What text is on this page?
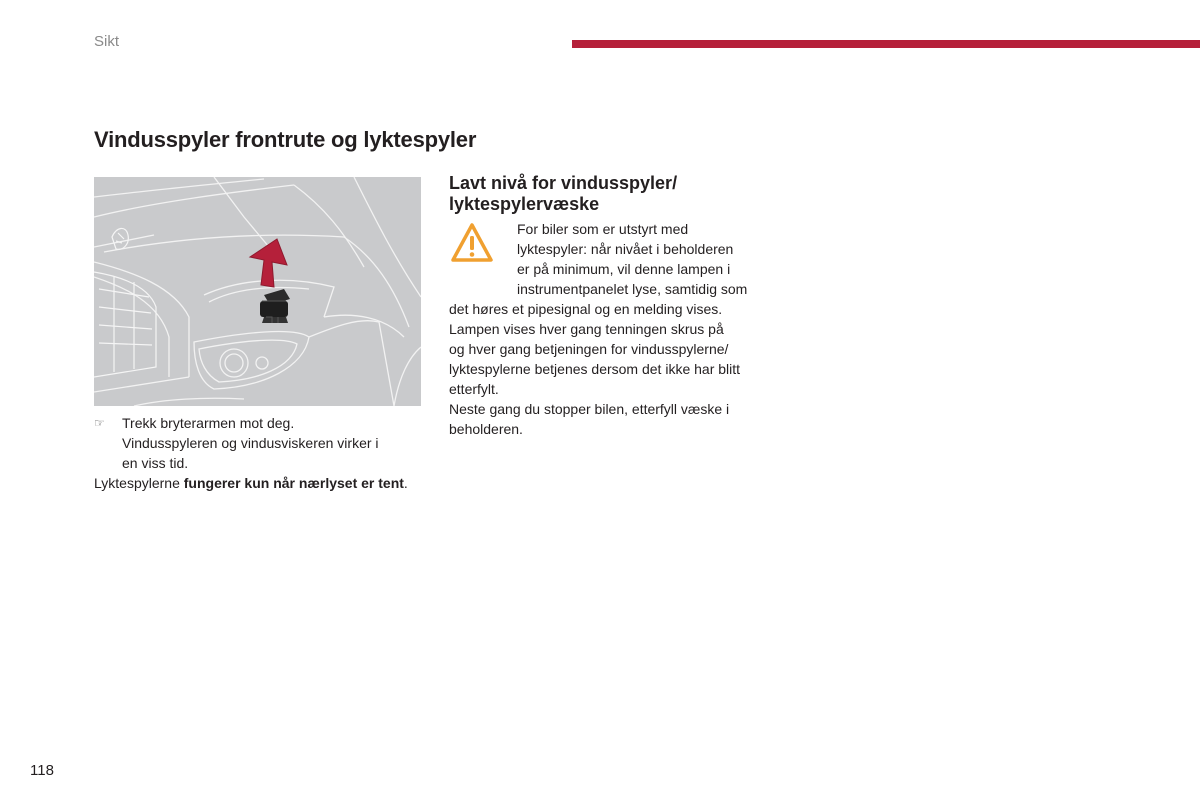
Sikt
Vindusspyler frontrute og lyktespyler
☞	Trekk bryterarmen mot deg.
Vindusspyleren og vindusviskeren virker i
en viss tid.

Lyktespylerne fungerer kun når nærlyset er tent.

Lavt nivå for vindusspyler/
lyktespylervæske
For biler som er utstyrt med
lyktespyler: når nivået i beholderen
er på minimum, vil denne lampen i
instrumentpanelet lyse, samtidig som
det høres et pipesignal og en melding vises.
Lampen vises hver gang tenningen skrus på
og hver gang betjeningen for vindusspylerne/
lyktespylerne betjenes dersom det ikke har blitt
etterfylt.
Neste gang du stopper bilen, etterfyll væske i
beholderen.
118
